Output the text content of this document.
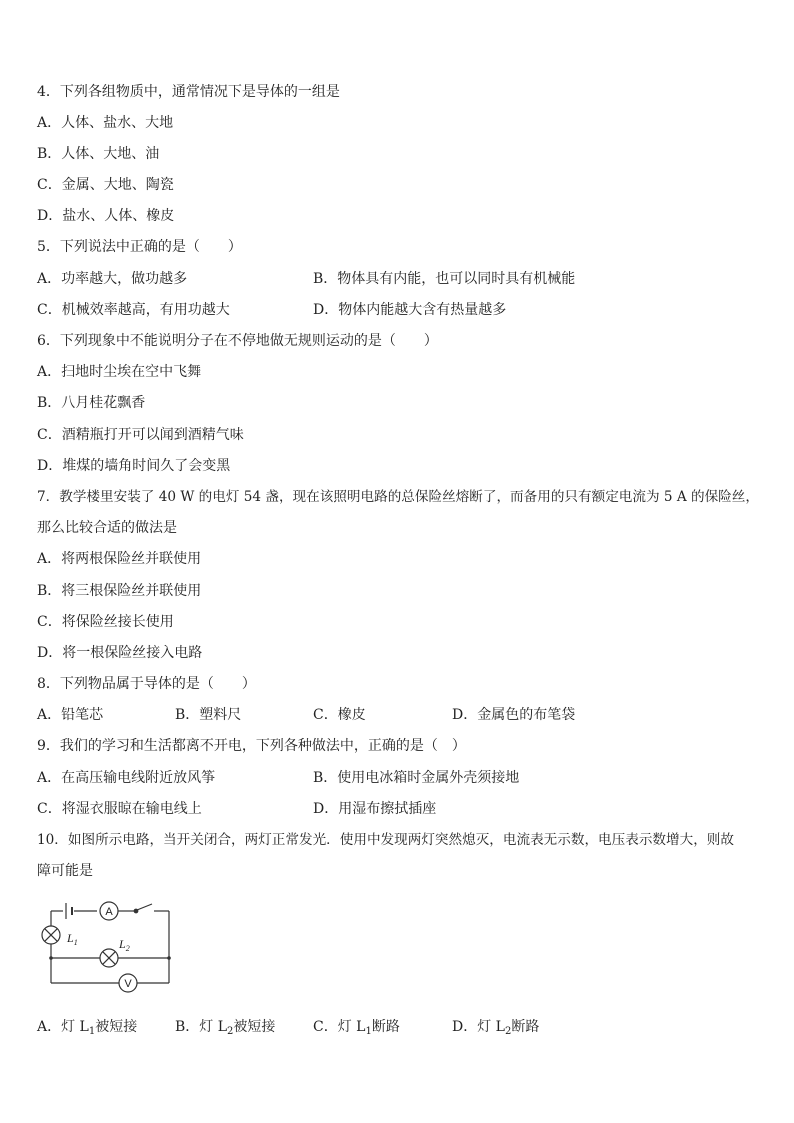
4．下列各组物质中，通常情况下是导体的一组是
A．人体、盐水、大地
B．人体、大地、油
C．金属、大地、陶瓷
D．盐水、人体、橡皮
5．下列说法中正确的是（　　）
A．功率越大，做功越多	B．物体具有内能，也可以同时具有机械能
C．机械效率越高，有用功越大	D．物体内能越大含有热量越多
6．下列现象中不能说明分子在不停地做无规则运动的是（　　）
A．扫地时尘埃在空中飞舞
B．八月桂花飘香
C．酒精瓶打开可以闻到酒精气味
D．堆煤的墙角时间久了会变黑
7．教学楼里安装了 40 W 的电灯 54 盏，现在该照明电路的总保险丝熔断了，而备用的只有额定电流为 5 A 的保险丝，
那么比较合适的做法是
A．将两根保险丝并联使用
B．将三根保险丝并联使用
C．将保险丝接长使用
D．将一根保险丝接入电路
8．下列物品属于导体的是（　　）
A．铅笔芯	B．塑料尺	C．橡皮	D．金属色的布笔袋
9．我们的学习和生活都离不开电，下列各种做法中，正确的是（　）
A．在高压输电线附近放风筝	B．使用电冰箱时金属外壳须接地
C．将湿衣服晾在输电线上	D．用湿布擦拭插座
10．如图所示电路，当开关闭合，两灯正常发光．使用中发现两灯突然熄灭，电流表无示数，电压表示数增大，则故
障可能是
A
V
$L_1$	$L_2$
A．灯 $L_1$被短接	B．灯 $L_2$被短接	C．灯 $L_1$断路	D．灯 $L_2$断路
